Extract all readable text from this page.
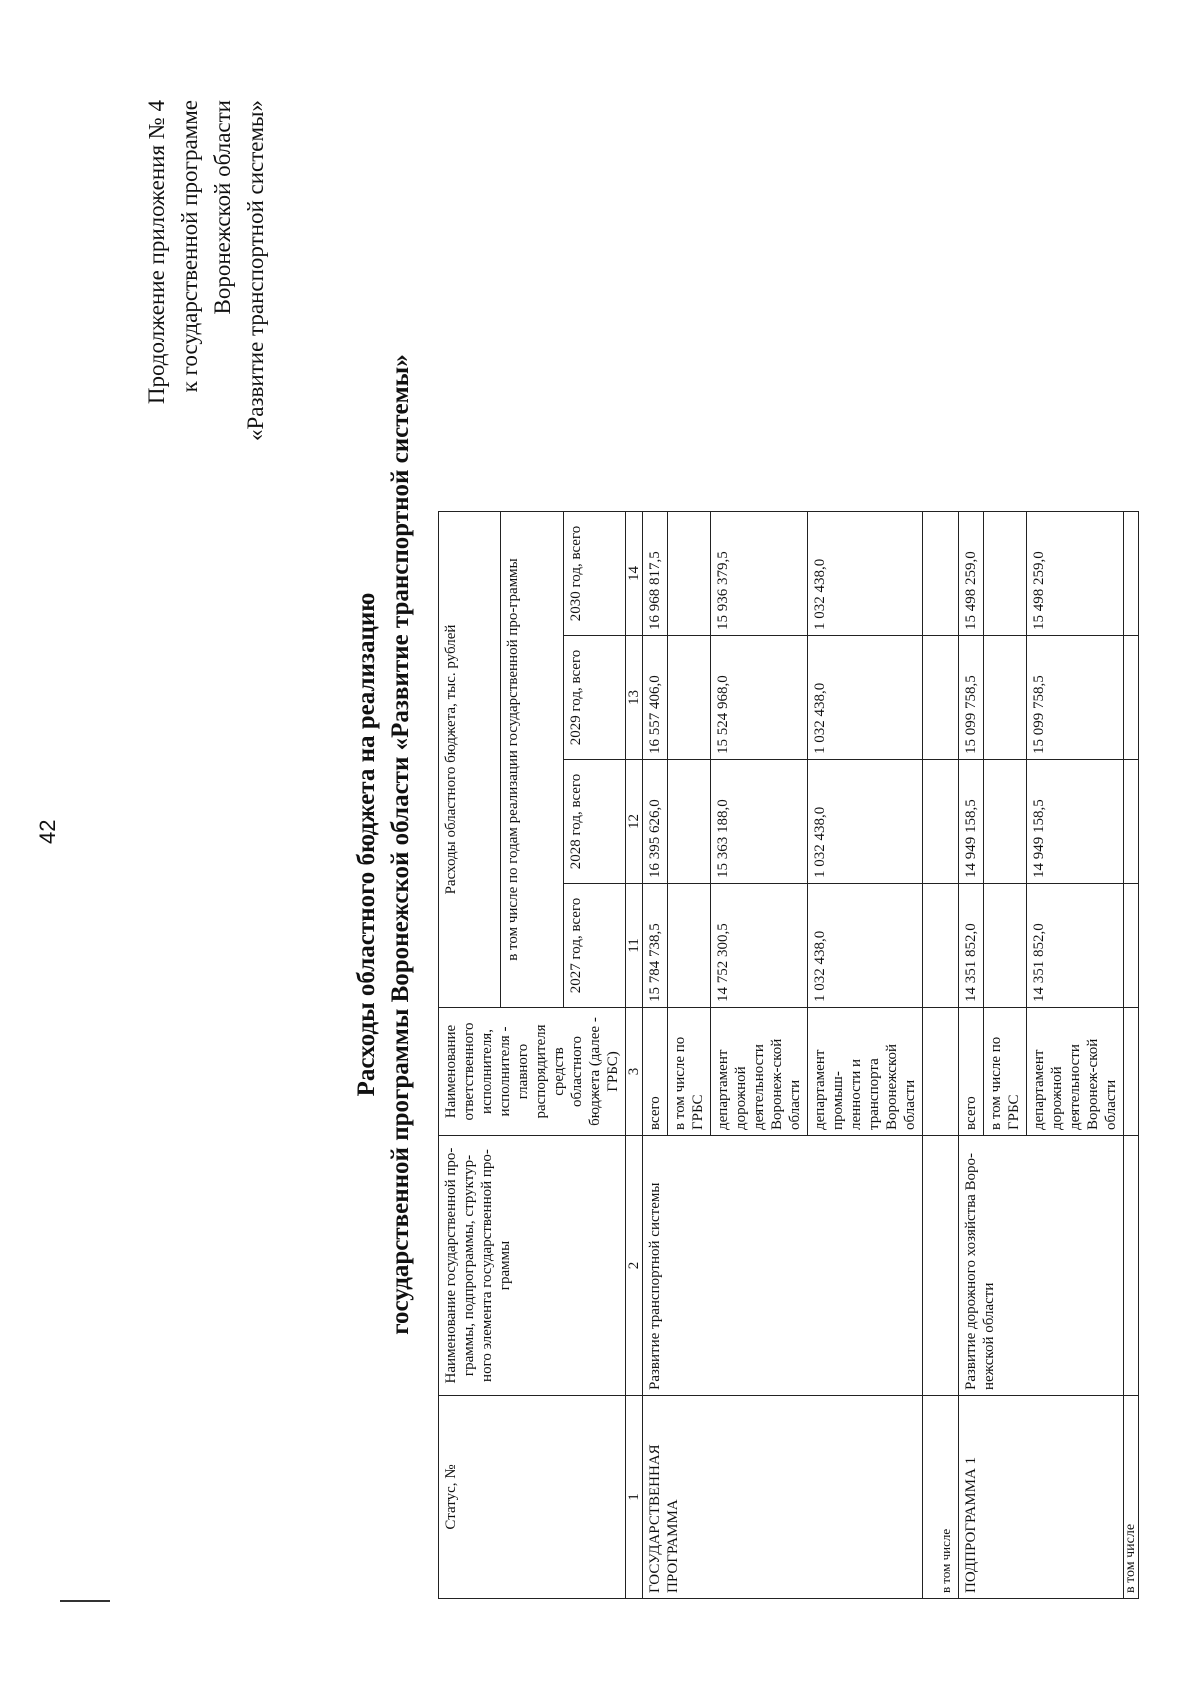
42
Продолжение приложения № 4 к государственной программе Воронежской области «Развитие транспортной системы»
Расходы областного бюджета на реализацию государственной программы Воронежской области «Развитие транспортной системы»
Статус, №	Наименование государственной про-граммы, подпрограммы, структур-ного элемента государственной про-граммы	Наименование ответственного исполнителя, исполнителя - главного распорядителя средств областного бюджета (далее - ГРБС)	Расходы областного бюджета, тыс. рублей			
			в том числе по годам реализации государственной про-граммы			
			2027 год, всего	2028 год, всего	2029 год, всего	2030 год, всего
1	2	3	11	12	13	14
ГОСУДАРСТВЕННАЯ ПРОГРАММА	Развитие транспортной системы	всего	15 784 738,5	16 395 626,0	16 557 406,0	16 968 817,5
		в том числе по ГРБС				
		департамент дорожной деятельности Воронеж-ской области	14 752 300,5	15 363 188,0	15 524 968,0	15 936 379,5
		департамент промыш-ленности и транспорта Воронежской области	1 032 438,0	1 032 438,0	1 032 438,0	1 032 438,0
в том числе						
ПОДПРОГРАММА 1	Развитие дорожного хозяйства Воро-нежской области	всего	14 351 852,0	14 949 158,5	15 099 758,5	15 498 259,0
		в том числе по ГРБС				
		департамент дорожной деятельности Воронеж-ской области	14 351 852,0	14 949 158,5	15 099 758,5	15 498 259,0
в том числе						
